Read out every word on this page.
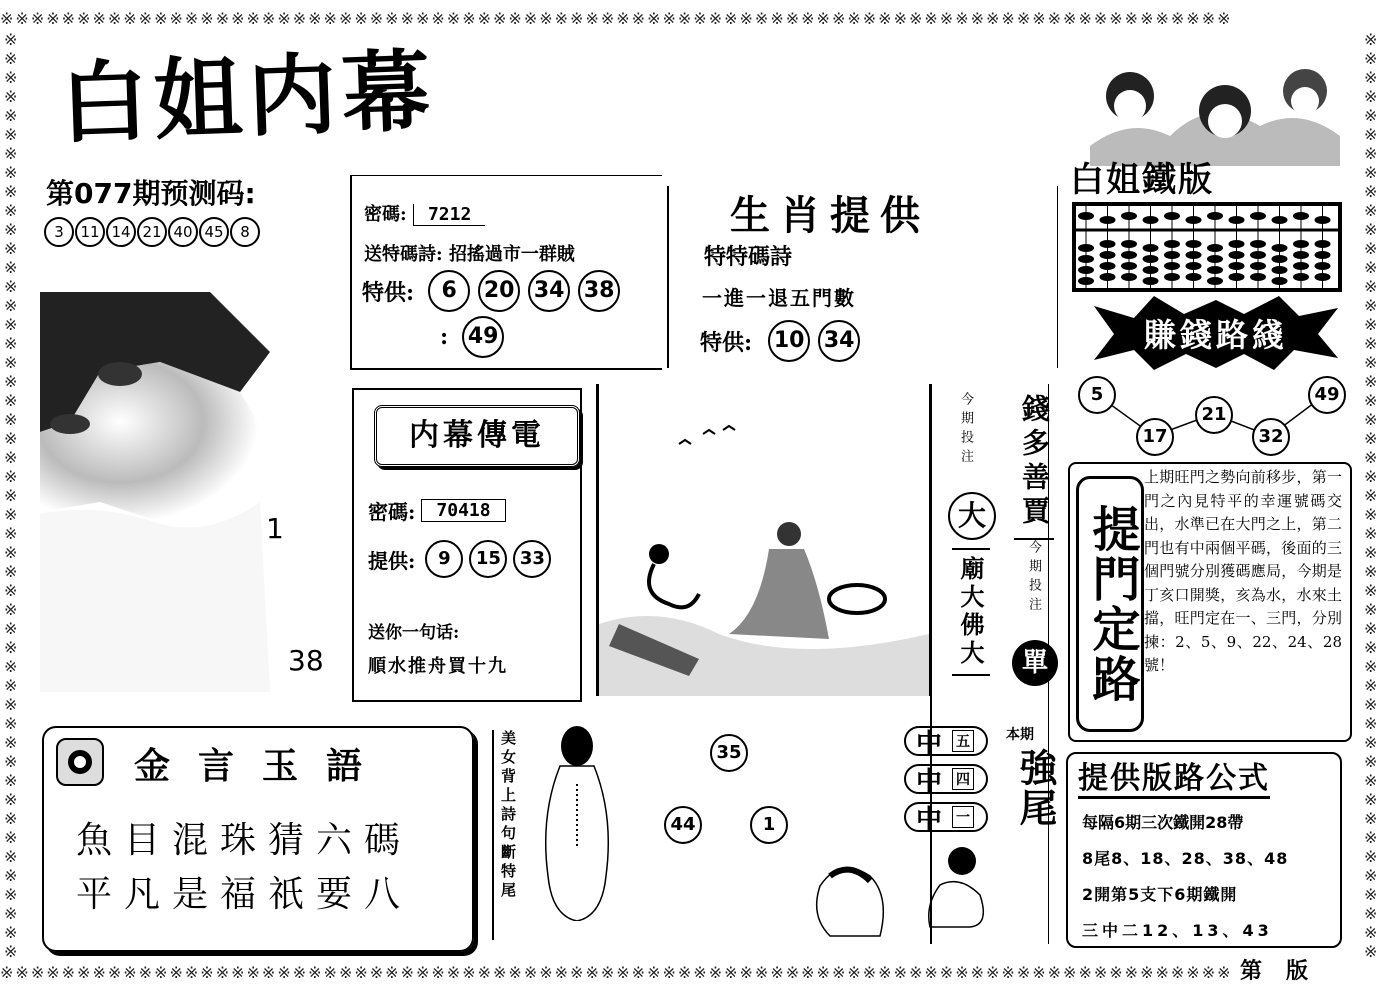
※※※※※※※※※※※※※※※※※※※※※※※※※※※※※※※※※※※※※※※※※※※※※※※※※※※※※※※※※※※※※※※※※※※※※※※※※※※※※※※※
※※※※※※※※※※※※※※※※※※※※※※※※※※※※※※※※※※※※※※※※※※※※※※※※※※※※※※※※※※※※※※※※※※※※※※※※※※※※※※※※
※※※※※※※※※※※※※※※※※※※※※※※※※※※※※※※※※※※※※※※※※※※※※※※※※
※※※※※※※※※※※※※※※※※※※※※※※※※※※※※※※※※※※※※※※※※※※※※※※※※
白姐内幕
第077期预测码:
3 11 14 21 40 45 8
1
38
密碼: 7212
送特碼詩: 招搖過市一群賊
特供:	6	20 34 38
: 49
生肖提供
特特碼詩
一進一退五門數
特供: 10 34
内幕傳電
密碼:	70418
提供:	9	15	33
送你一句话:
順水推舟買十九
今期投注
大
廟大佛大
錢多善賈
今期投注
單
白姐鐵版
賺錢路綫
5
17
21
32
49
提門定路
上期旺門之勢向前移步，第一門之內見特平的幸運號碼交出，水準已在大門之上，第二門也有中兩個平碼，後面的三個門號分別獲碼應局，今期是丁亥口開獎，亥為水，水來土擋，旺門定在一、三門，分別揀：2、5、9、22、24、28號！
提供版路公式
每隔6期三次鐵開28帶
8尾8、18、28、38、48
2開第5支下6期鐵開
三中二12、13、43
金言玉語
魚目混珠猜六碼
平凡是福祇要八	美女背上詩句斷特尾	35
44	1
本期
強尾
中 五
中 四
中 一
第 版
